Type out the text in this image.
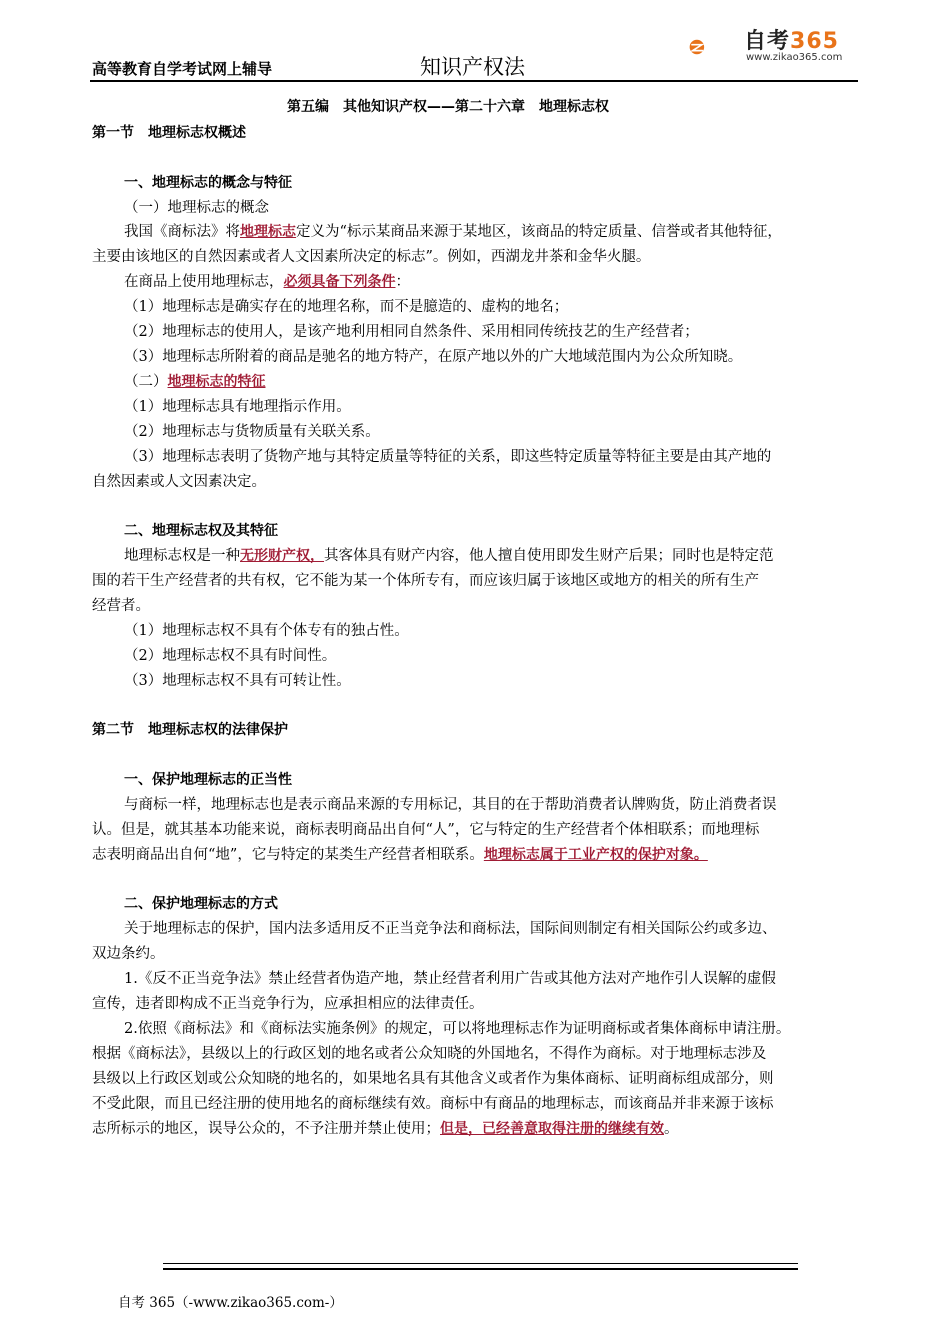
高等教育自学考试网上辅导	知识产权法
自考365
www.zikao365.com
第五编　其他知识产权——第二十六章　地理标志权
第一节　地理标志权概述
一、地理标志的概念与特征
（一）地理标志的概念
我国《商标法》将地理标志定义为“标示某商品来源于某地区，该商品的特定质量、信誉或者其他特征，
主要由该地区的自然因素或者人文因素所决定的标志”。例如，西湖龙井茶和金华火腿。
在商品上使用地理标志，必须具备下列条件：
（1）地理标志是确实存在的地理名称，而不是臆造的、虚构的地名；
（2）地理标志的使用人，是该产地利用相同自然条件、采用相同传统技艺的生产经营者；
（3）地理标志所附着的商品是驰名的地方特产，在原产地以外的广大地域范围内为公众所知晓。
（二）地理标志的特征
（1）地理标志具有地理指示作用。
（2）地理标志与货物质量有关联关系。
（3）地理标志表明了货物产地与其特定质量等特征的关系，即这些特定质量等特征主要是由其产地的
自然因素或人文因素决定。
二、地理标志权及其特征
地理标志权是一种无形财产权，其客体具有财产内容，他人擅自使用即发生财产后果；同时也是特定范
围的若干生产经营者的共有权，它不能为某一个体所专有，而应该归属于该地区或地方的相关的所有生产
经营者。
（1）地理标志权不具有个体专有的独占性。
（2）地理标志权不具有时间性。
（3）地理标志权不具有可转让性。
第二节　地理标志权的法律保护
一、保护地理标志的正当性
与商标一样，地理标志也是表示商品来源的专用标记，其目的在于帮助消费者认牌购货，防止消费者误
认。但是，就其基本功能来说，商标表明商品出自何“人”，它与特定的生产经营者个体相联系；而地理标
志表明商品出自何“地”，它与特定的某类生产经营者相联系。地理标志属于工业产权的保护对象。
二、保护地理标志的方式
关于地理标志的保护，国内法多适用反不正当竞争法和商标法，国际间则制定有相关国际公约或多边、
双边条约。
1.《反不正当竞争法》禁止经营者伪造产地，禁止经营者利用广告或其他方法对产地作引人误解的虚假
宣传，违者即构成不正当竞争行为，应承担相应的法律责任。
2.依照《商标法》和《商标法实施条例》的规定，可以将地理标志作为证明商标或者集体商标申请注册。
根据《商标法》，县级以上的行政区划的地名或者公众知晓的外国地名，不得作为商标。对于地理标志涉及
县级以上行政区划或公众知晓的地名的，如果地名具有其他含义或者作为集体商标、证明商标组成部分，则
不受此限，而且已经注册的使用地名的商标继续有效。商标中有商品的地理标志，而该商品并非来源于该标
志所标示的地区，误导公众的，不予注册并禁止使用；但是，已经善意取得注册的继续有效。
自考 365（-www.zikao365.com-）
